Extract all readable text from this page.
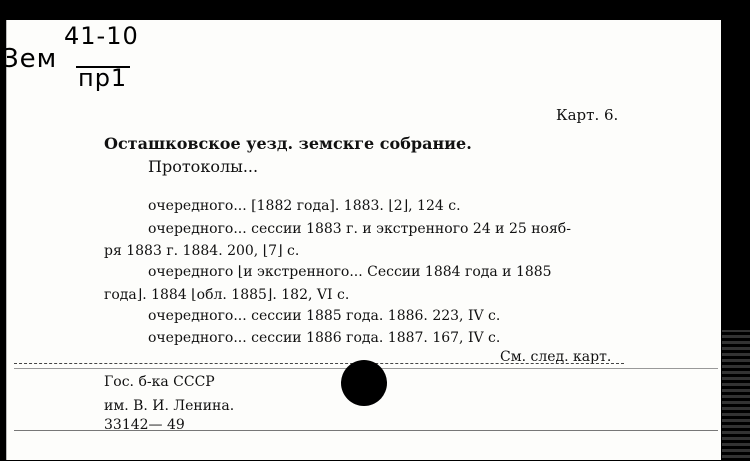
Зем
41-10
пр1
Карт. 6.
Осташковское уезд. земскге собрание.
Протоколы...
очередного... [1882 года]. 1883. ⌊2⌋, 124 с.
очередного... сессии 1883 г. и экстренного 24 и 25 нояб-
ря 1883 г. 1884. 200, ⌊7⌋ с.
очередного ⌊и экстренного... Сессии 1884 года и 1885
года⌋. 1884 ⌊обл. 1885⌋. 182, VI с.
очередного... сессии 1885 года. 1886. 223, IV с.
очередного... сессии 1886 года. 1887. 167, IV с.
См. след. карт.
Гос. б-ка СССР
им. В. И. Ленина.
33142— 49
